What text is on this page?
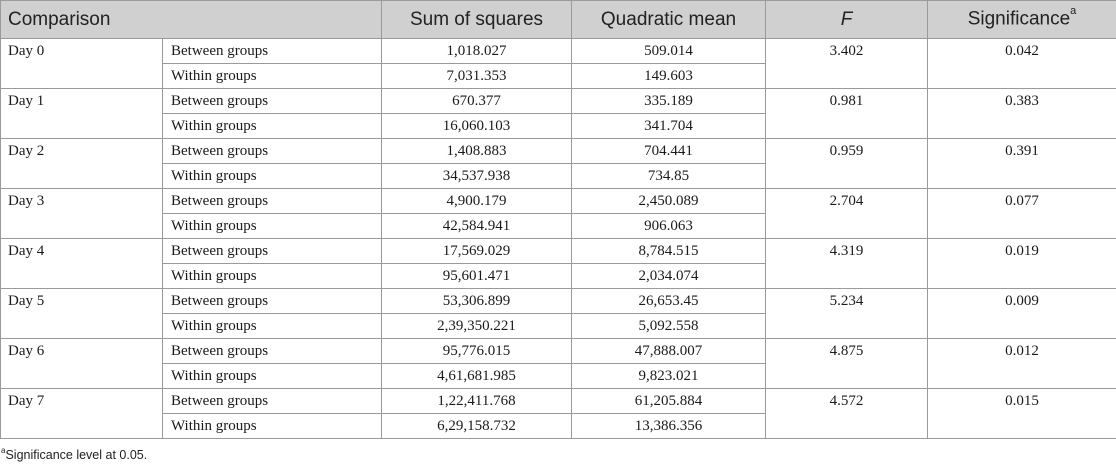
Comparison		Sum of squares	Quadratic mean	F	Significance$^a$
Day 0	Between groups	1,018.027	509.014	3.402	0.042
	Within groups	7,031.353	149.603		
Day 1	Between groups	670.377	335.189	0.981	0.383
	Within groups	16,060.103	341.704		
Day 2	Between groups	1,408.883	704.441	0.959	0.391
	Within groups	34,537.938	734.85		
Day 3	Between groups	4,900.179	2,450.089	2.704	0.077
	Within groups	42,584.941	906.063		
Day 4	Between groups	17,569.029	8,784.515	4.319	0.019
	Within groups	95,601.471	2,034.074		
Day 5	Between groups	53,306.899	26,653.45	5.234	0.009
	Within groups	2,39,350.221	5,092.558		
Day 6	Between groups	95,776.015	47,888.007	4.875	0.012
	Within groups	4,61,681.985	9,823.021		
Day 7	Between groups	1,22,411.768	61,205.884	4.572	0.015
	Within groups	6,29,158.732	13,386.356		
$^a$Significance level at 0.05.
